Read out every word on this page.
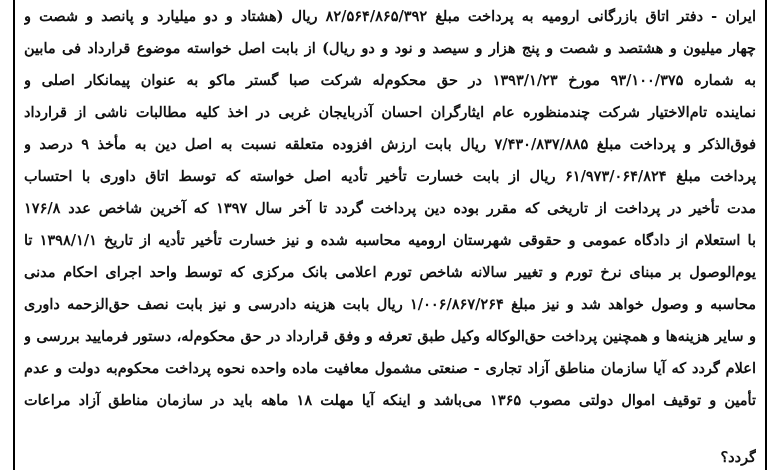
ایران - دفتر اتاق بازرگانی ارومیه به پرداخت مبلغ ۸۲/۵۶۴/۸۶۵/۳۹۲ ریال (هشتاد و دو میلیارد و پانصد و شصت و
چهار میلیون و هشتصد و شصت و پنج هزار و سیصد و نود و دو ریال) از بابت اصل خواسته موضوع قرارداد فی مابین
به شماره ۹۳/۱۰۰/۳۷۵ مورخ ۱۳۹۳/۱/۲۳ در حق محکوم‌له شرکت صبا گستر ماکو به عنوان پیمانکار اصلی و
نماینده تام‌الاختیار شرکت چندمنظوره عام ایثارگران احسان آذربایجان غربی در اخذ کلیه مطالبات ناشی از قرارداد
فوق‌الذکر و پرداخت مبلغ ۷/۴۳۰/۸۳۷/۸۸۵ ریال بابت ارزش افزوده متعلقه نسبت به اصل دین به مأخذ ۹ درصد و
پرداخت مبلغ ۶۱/۹۷۳/۰۶۴/۸۲۴ ریال از بابت خسارت تأخیر تأدیه اصل خواسته که توسط اتاق داوری با احتساب
مدت تأخیر در پرداخت از تاریخی که مقرر بوده دین پرداخت گردد تا آخر سال ۱۳۹۷ که آخرین شاخص عدد ۱۷۶/۸
با استعلام از دادگاه عمومی و حقوقی شهرستان ارومیه محاسبه شده و نیز خسارت تأخیر تأدیه از تاریخ ۱۳۹۸/۱/۱ تا
یوم‌الوصول بر مبنای نرخ تورم و تغییر سالانه شاخص تورم اعلامی بانک مرکزی که توسط واحد اجرای احکام مدنی
محاسبه و وصول خواهد شد و نیز مبلغ ۱/۰۰۶/۸۶۷/۲۶۴ ریال بابت هزینه دادرسی و نیز بابت نصف حق‌الزحمه داوری
و سایر هزینه‌ها و همچنین پرداخت حق‌الوکاله وکیل طبق تعرفه و وفق قرارداد در حق محکوم‌له، دستور فرمایید بررسی و
اعلام گردد که آیا سازمان مناطق آزاد تجاری - صنعتی مشمول معافیت ماده واحده نحوه پرداخت محکوم‌به دولت و عدم
تأمین و توقیف اموال دولتی مصوب ۱۳۶۵ می‌باشد و اینکه آیا مهلت ۱۸ ماهه باید در سازمان مناطق آزاد مراعات
گردد؟
